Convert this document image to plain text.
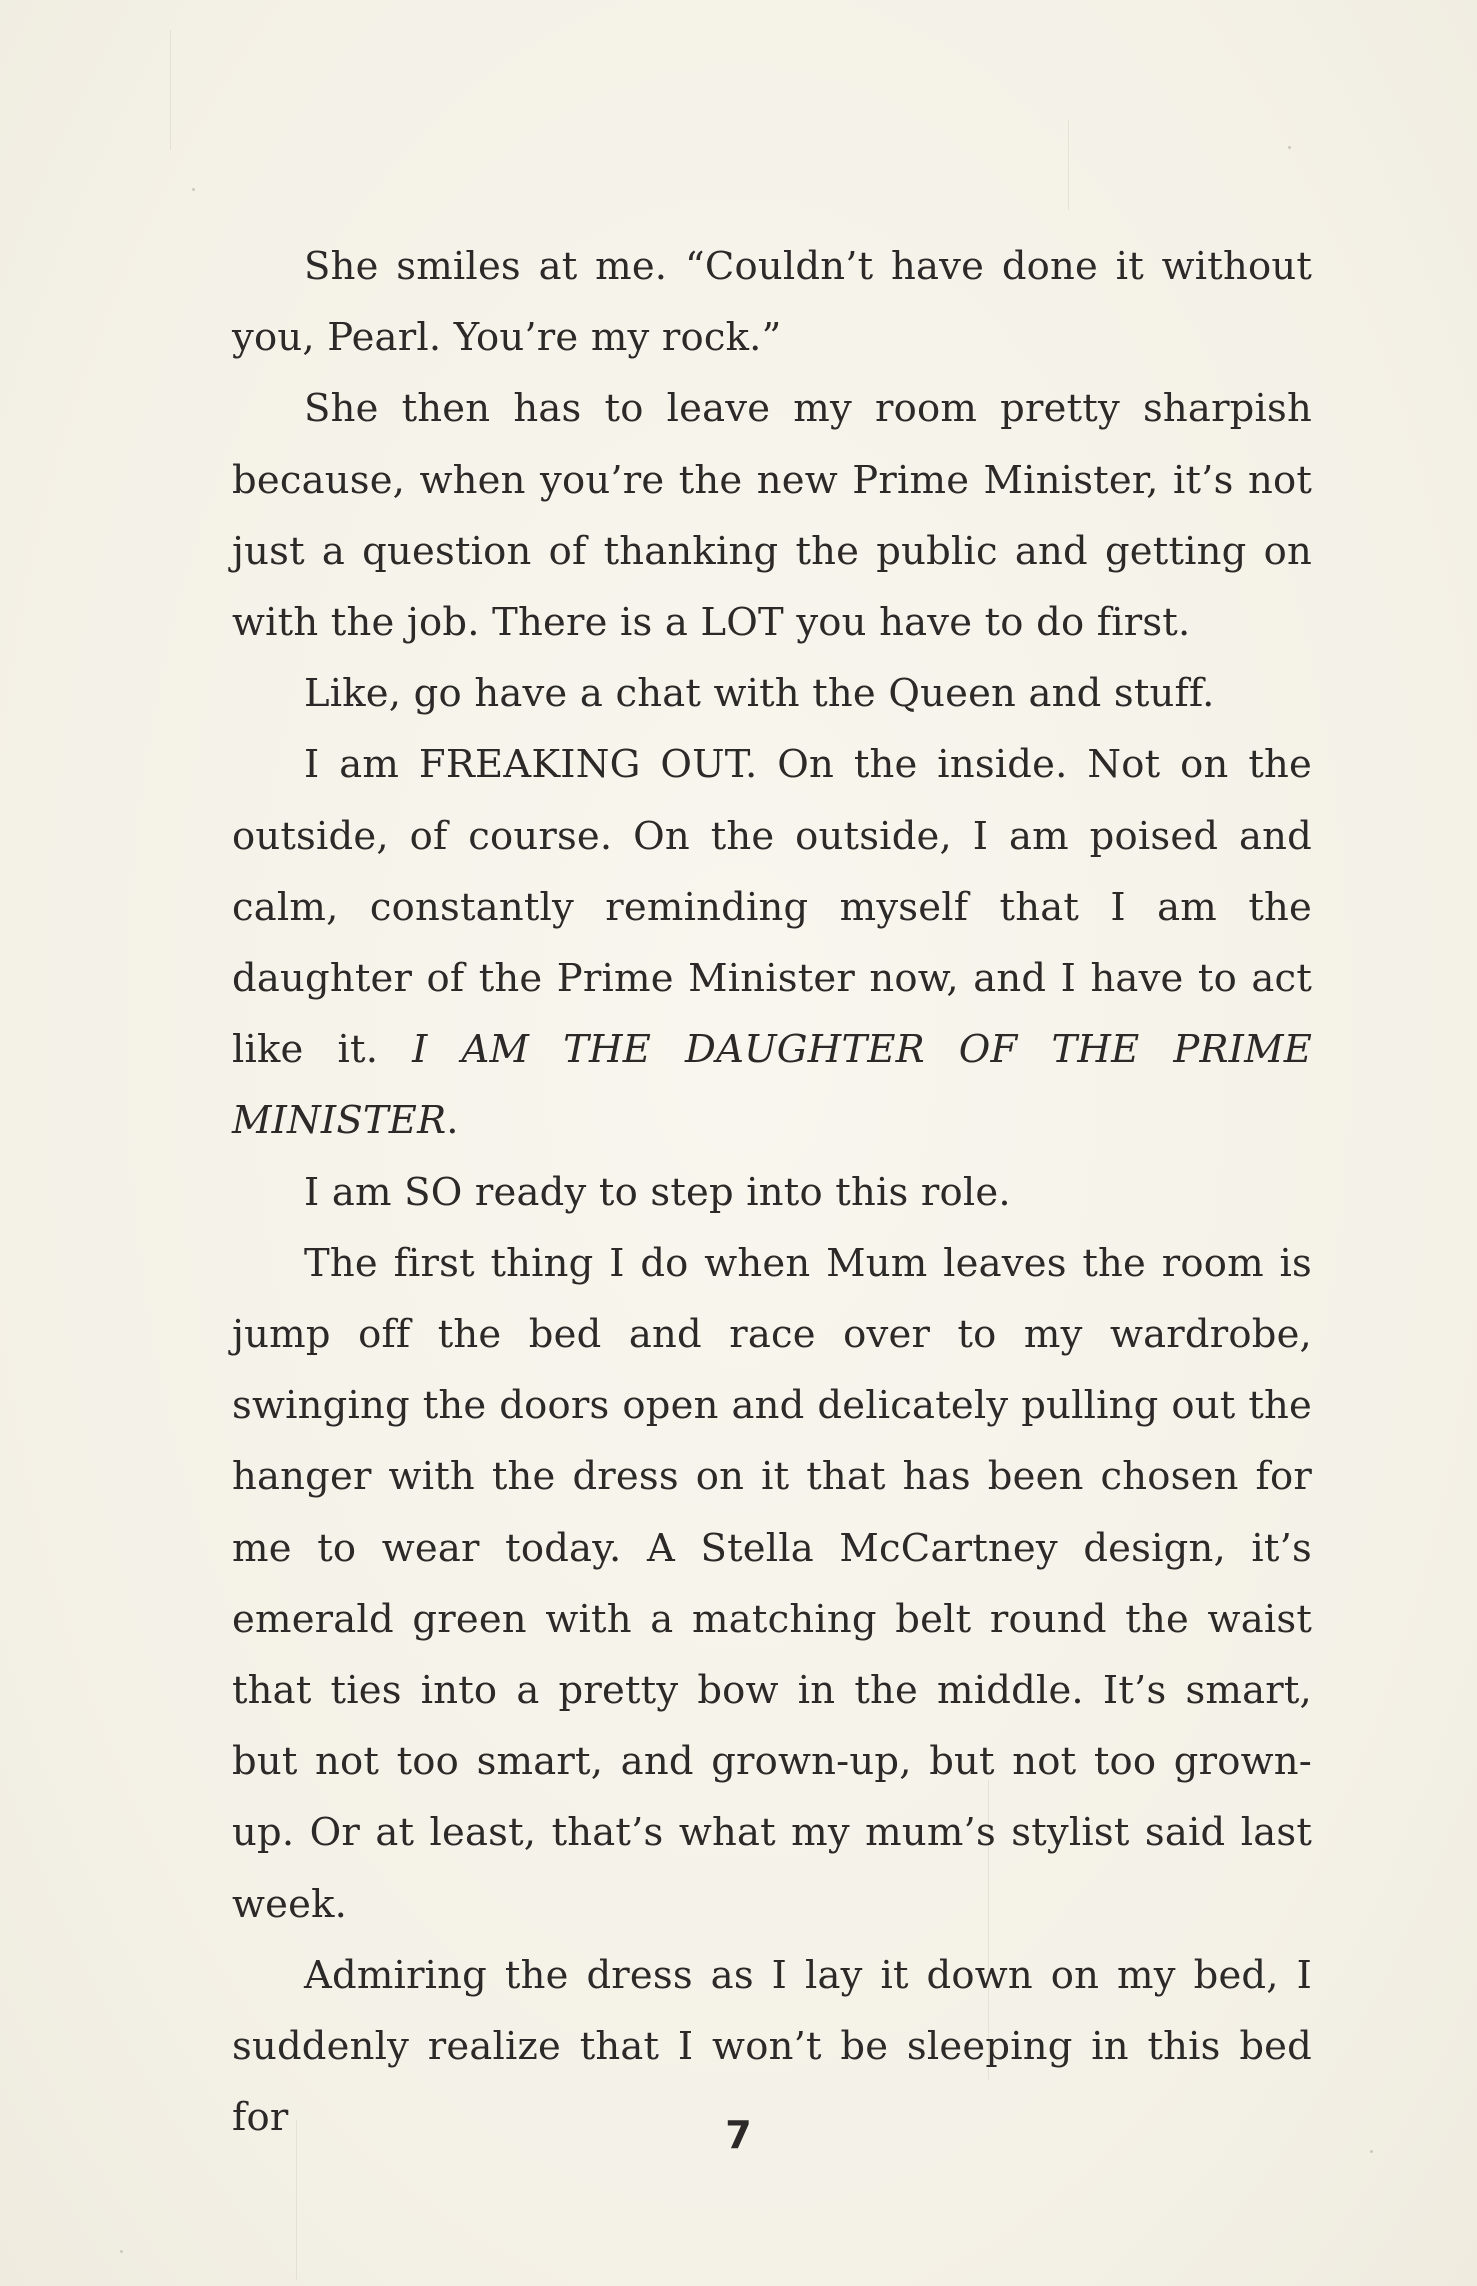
She smiles at me. “Couldn’t have done it without you, Pearl. You’re my rock.”

She then has to leave my room pretty sharpish because, when you’re the new Prime Minister, it’s not just a question of thanking the public and getting on with the job. There is a LOT you have to do first.

Like, go have a chat with the Queen and stuff.

I am FREAKING OUT. On the inside. Not on the outside, of course. On the outside, I am poised and calm, constantly reminding myself that I am the daughter of the Prime Minister now, and I have to act like it. I AM THE DAUGHTER OF THE PRIME MINISTER.

I am SO ready to step into this role.

The first thing I do when Mum leaves the room is jump off the bed and race over to my wardrobe, swinging the doors open and delicately pulling out the hanger with the dress on it that has been chosen for me to wear today. A Stella McCartney design, it’s emerald green with a matching belt round the waist that ties into a pretty bow in the middle. It’s smart, but not too smart, and grown-up, but not too grown-up. Or at least, that’s what my mum’s stylist said last week.

Admiring the dress as I lay it down on my bed, I suddenly realize that I won’t be sleeping in this bed for	7
